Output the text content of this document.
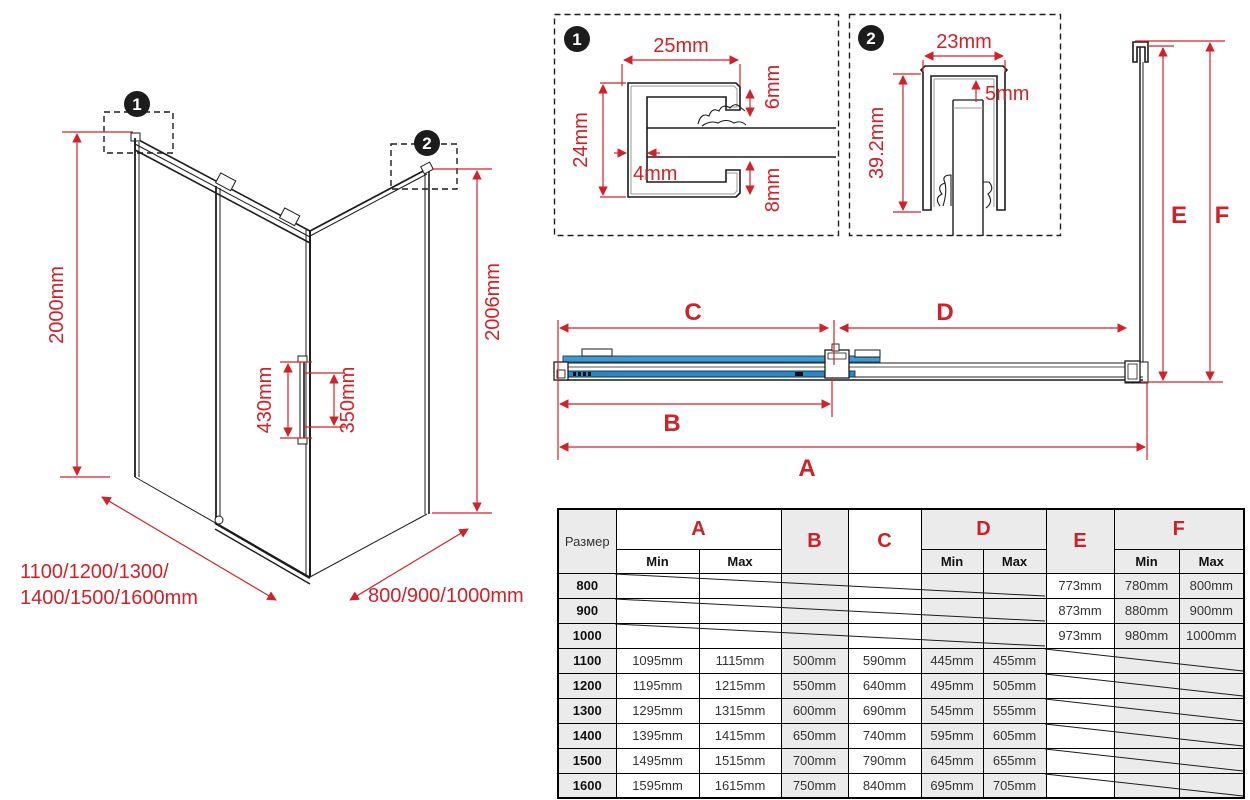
1
2
2000mm	2006mm
430mm	350mm
1100/1200/1300/
1400/1500/1600mm	800/900/1000mm
1	25mm
24mm
4mm
6mm
8mm
2	23mm
39.2mm
5mm
E F
C	D
B
A
Размер	A		B	C	D		E	F	
	Min	Max			Min	Max		Min	Max
800							773mm	780mm	800mm
900							873mm	880mm	900mm
1000							973mm	980mm	1000mm
1100	1095mm	1115mm	500mm	590mm	445mm	455mm			
1200	1195mm	1215mm	550mm	640mm	495mm	505mm			
1300	1295mm	1315mm	600mm	690mm	545mm	555mm			
1400	1395mm	1415mm	650mm	740mm	595mm	605mm			
1500	1495mm	1515mm	700mm	790mm	645mm	655mm			
1600	1595mm	1615mm	750mm	840mm	695mm	705mm			
